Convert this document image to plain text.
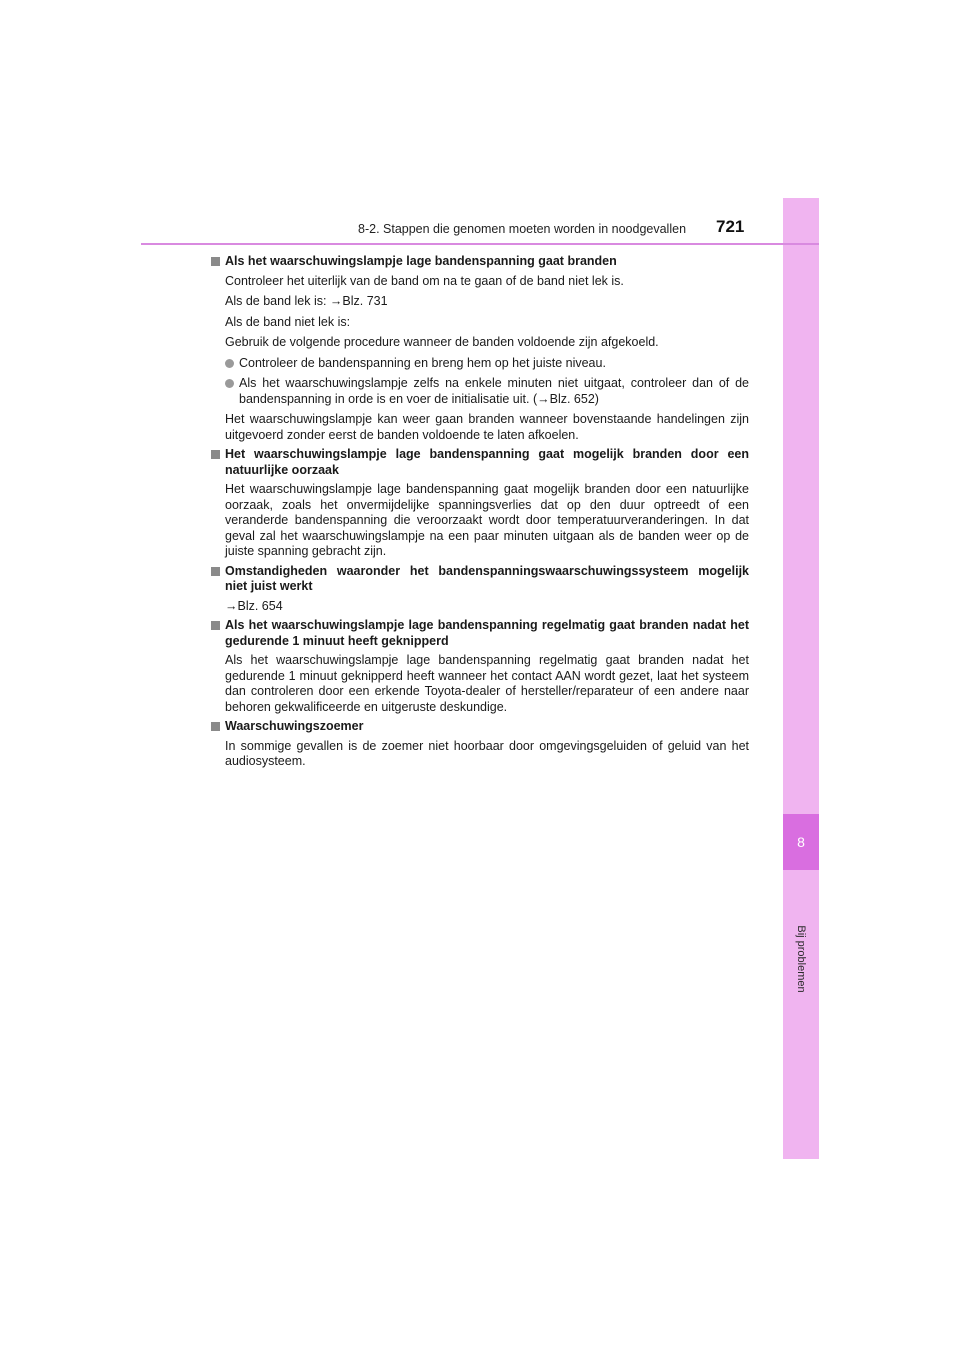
8
Bij problemen
8-2. Stappen die genomen moeten worden in noodgevallen 721
Als het waarschuwingslampje lage bandenspanning gaat branden
Controleer het uiterlijk van de band om na te gaan of de band niet lek is.
Als de band lek is: →Blz. 731
Als de band niet lek is:
Gebruik de volgende procedure wanneer de banden voldoende zijn afgekoeld.
Controleer de bandenspanning en breng hem op het juiste niveau.
Als het waarschuwingslampje zelfs na enkele minuten niet uitgaat, controleer dan of de bandenspanning in orde is en voer de initialisatie uit. (→Blz. 652)
Het waarschuwingslampje kan weer gaan branden wanneer bovenstaande handelingen zijn uitgevoerd zonder eerst de banden voldoende te laten afkoelen.
Het waarschuwingslampje lage bandenspanning gaat mogelijk branden door een natuurlijke oorzaak
Het waarschuwingslampje lage bandenspanning gaat mogelijk branden door een natuurlijke oorzaak, zoals het onvermijdelijke spanningsverlies dat op den duur optreedt of een veranderde bandenspanning die veroorzaakt wordt door temperatuurveranderingen. In dat geval zal het waarschuwingslampje na een paar minuten uitgaan als de banden weer op de juiste spanning gebracht zijn.
Omstandigheden waaronder het bandenspanningswaarschuwingssysteem mogelijk niet juist werkt
→Blz. 654
Als het waarschuwingslampje lage bandenspanning regelmatig gaat branden nadat het gedurende 1 minuut heeft geknipperd
Als het waarschuwingslampje lage bandenspanning regelmatig gaat branden nadat het gedurende 1 minuut geknipperd heeft wanneer het contact AAN wordt gezet, laat het systeem dan controleren door een erkende Toyota-dealer of hersteller/reparateur of een andere naar behoren gekwalificeerde en uitgeruste deskundige.
Waarschuwingszoemer
In sommige gevallen is de zoemer niet hoorbaar door omgevingsgeluiden of geluid van het audiosysteem.
